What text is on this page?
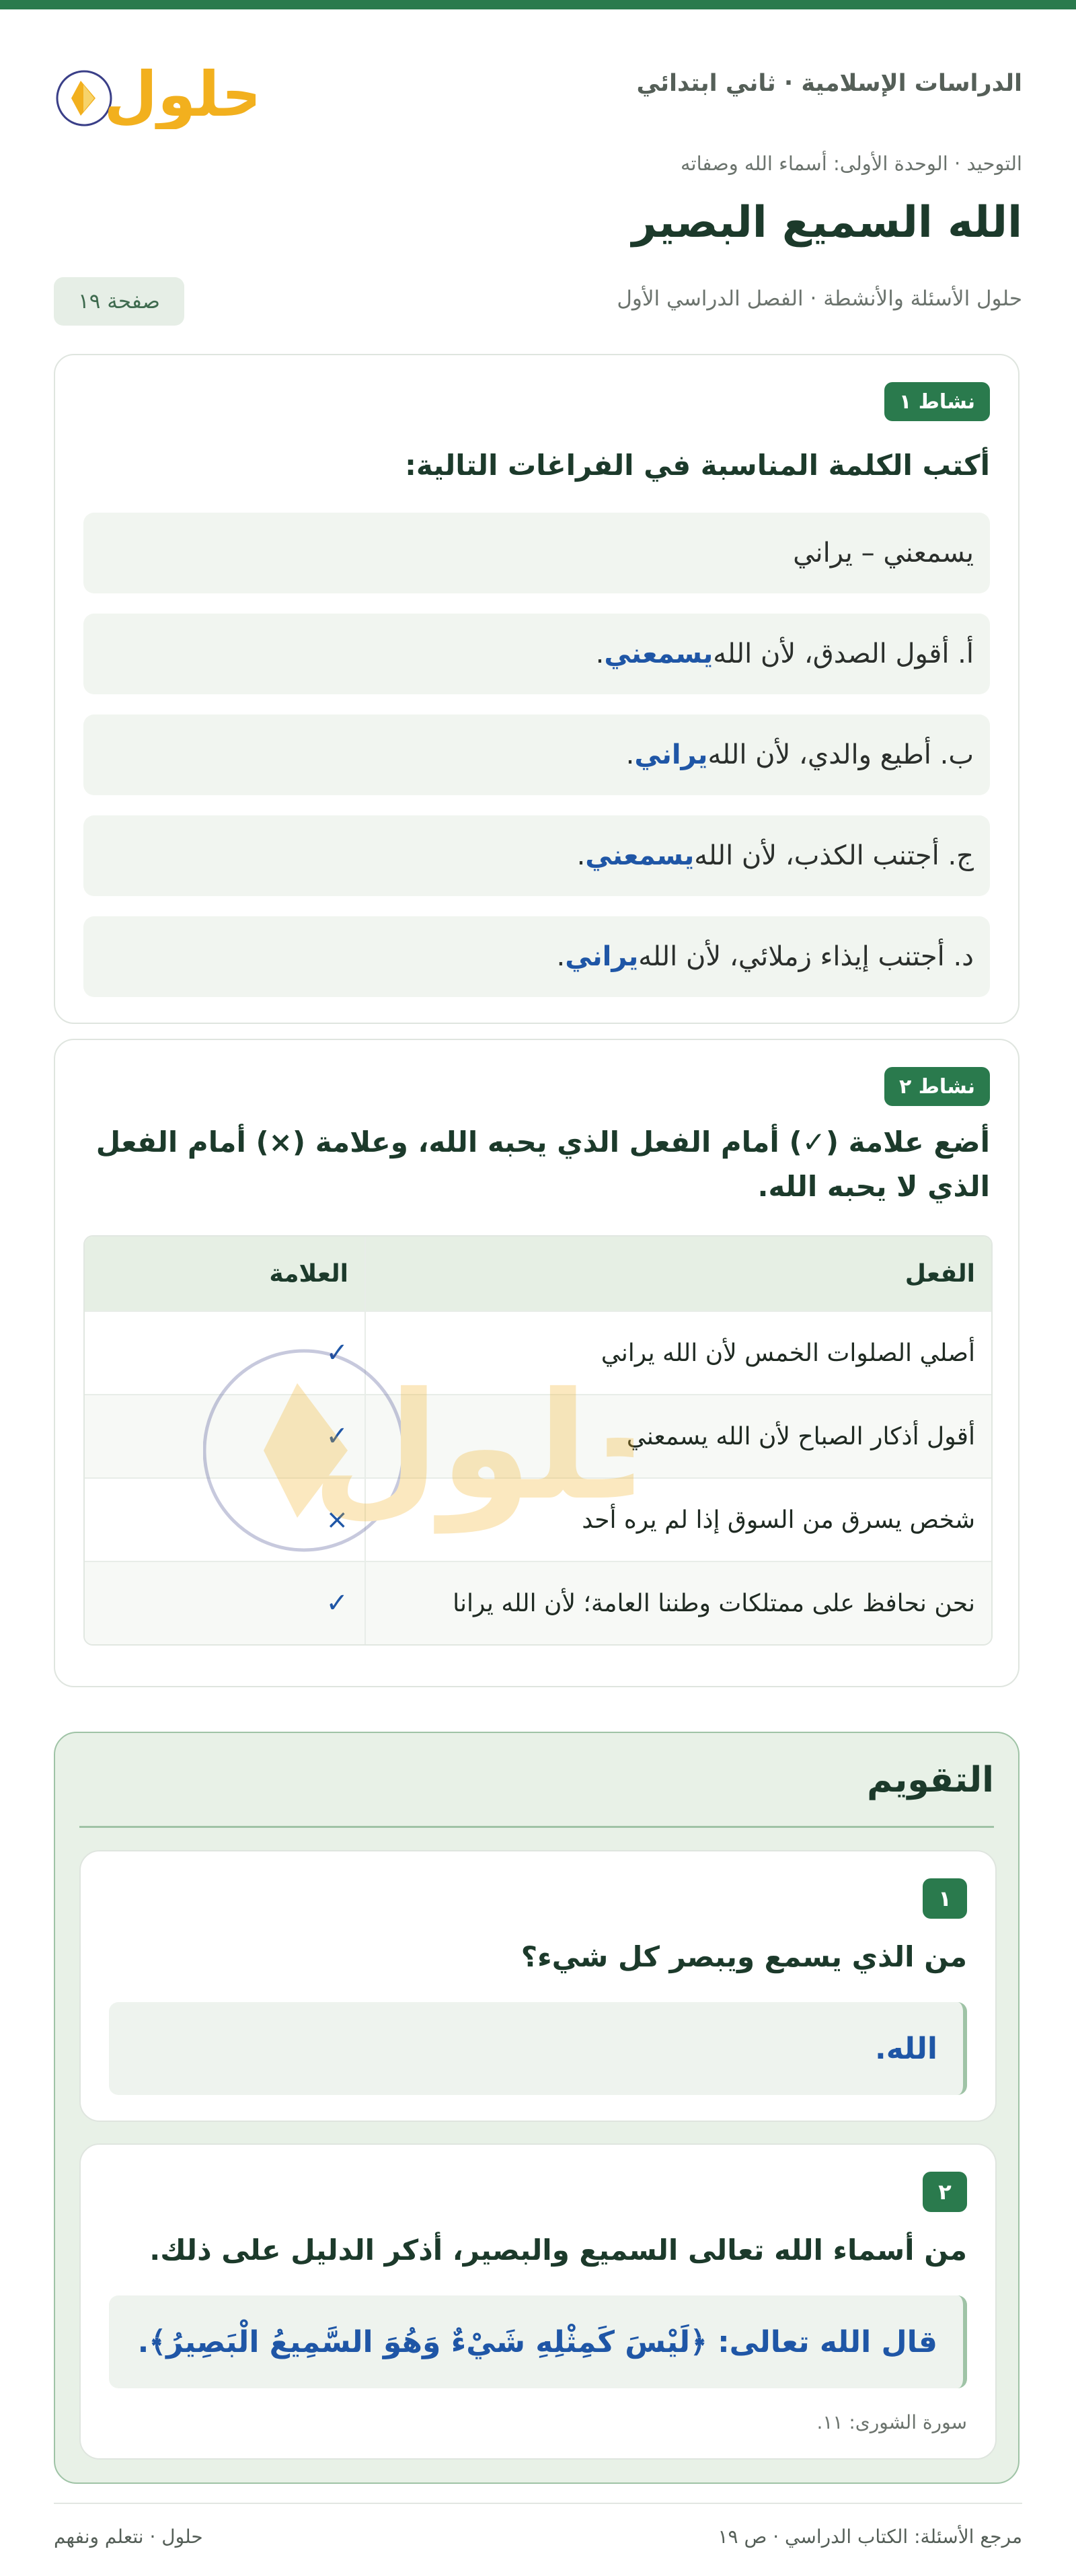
الدراسات الإسلامية · ثاني ابتدائي
حلول
التوحيد · الوحدة الأولى: أسماء الله وصفاته
الله السميع البصير
حلول الأسئلة والأنشطة · الفصل الدراسي الأول
صفحة ١٩
نشاط ١
أكتب الكلمة المناسبة في الفراغات التالية:
يسمعني – يراني
أ. أقول الصدق، لأن الله
يسمعني
.
ب. أطيع والدي، لأن الله
يراني
.
ج. أجتنب الكذب، لأن الله
يسمعني
.
د. أجتنب إيذاء زملائي، لأن الله
يراني
.
نشاط ٢
أضع علامة (✓) أمام الفعل الذي يحبه الله، وعلامة (×) أمام الفعل
الذي لا يحبه الله.
الفعل
العلامة
أصلي الصلوات الخمس لأن الله يراني
✓
أقول أذكار الصباح لأن الله يسمعني
✓
شخص يسرق من السوق إذا لم يره أحد
×
نحن نحافظ على ممتلكات وطننا العامة؛ لأن الله يرانا
✓
لول
التقويم
١
من الذي يسمع ويبصر كل شيء؟
الله.
٢
من أسماء الله تعالى السميع والبصير، أذكر الدليل على ذلك.
قال الله تعالى: ﴿لَيْسَ كَمِثْلِهِ شَيْءٌ وَهُوَ السَّمِيعُ الْبَصِيرُ﴾.
سورة الشورى: ١١.
مرجع الأسئلة: الكتاب الدراسي · ص ١٩
حلول · نتعلم ونفهم
